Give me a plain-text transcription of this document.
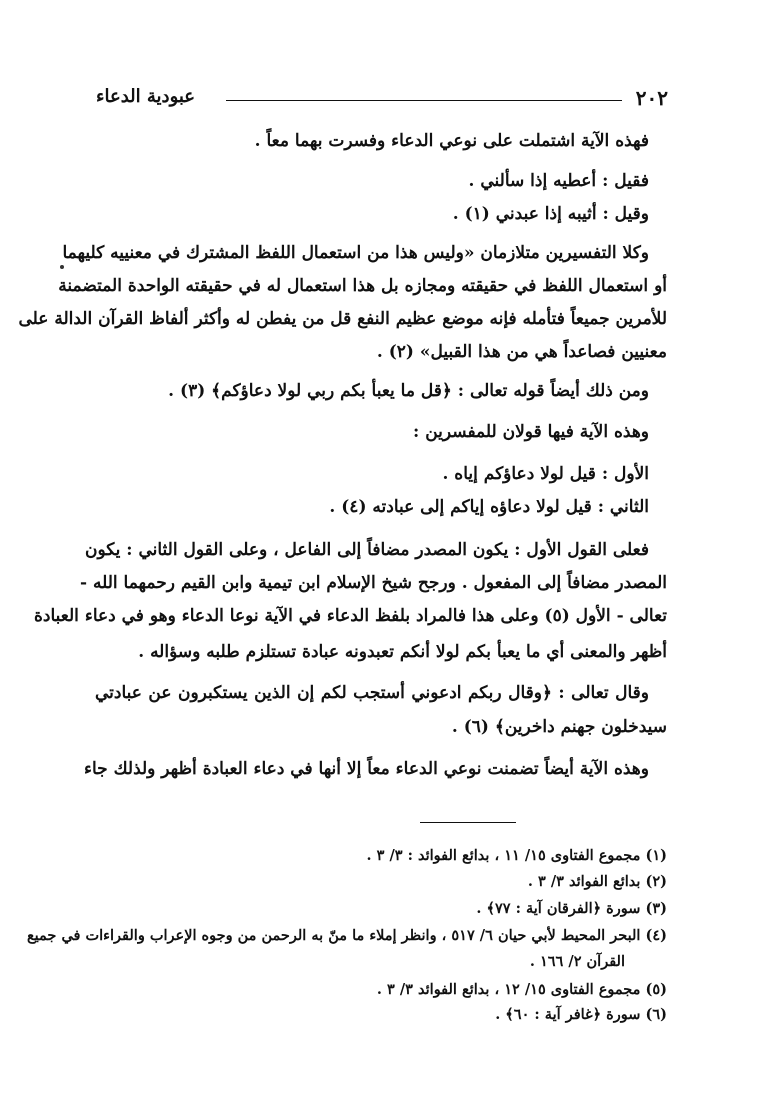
٢٠٢
عبودية الدعاء
فهذه الآية اشتملت على نوعي الدعاء وفسرت بهما معاً .
فقيل : أعطيه إذا سألني .
وقيل : أثيبه إذا عبدني (١) .
وكلا التفسيرين متلازمان «وليس هذا من استعمال اللفظ المشترك في معنييه كليهما
أو استعمال اللفظ في حقيقته ومجازه بل هذا استعمال له في حقيقته الواحدة المتضمنة
للأمرين جميعاً فتأمله فإنه موضع عظيم النفع قل من يفطن له وأكثر ألفاظ القرآن الدالة على
معنيين فصاعداً هي من هذا القبيل» (٢) .
ومن ذلك أيضاً قوله تعالى : ﴿قل ما يعبأ بكم ربي لولا دعاؤكم﴾ (٣) .
وهذه الآية فيها قولان للمفسرين :
الأول : قيل لولا دعاؤكم إياه .
الثاني : قيل لولا دعاؤه إياكم إلى عبادته (٤) .
فعلى القول الأول : يكون المصدر مضافاً إلى الفاعل ، وعلى القول الثاني : يكون
المصدر مضافاً إلى المفعول . ورجح شيخ الإسلام ابن تيمية وابن القيم رحمهما الله -
تعالى - الأول (٥) وعلى هذا فالمراد بلفظ الدعاء في الآية نوعا الدعاء وهو في دعاء العبادة
أظهر والمعنى أي ما يعبأ بكم لولا أنكم تعبدونه عبادة تستلزم طلبه وسؤاله .
وقال تعالى : ﴿وقال ربكم ادعوني أستجب لكم إن الذين يستكبرون عن عبادتي
سيدخلون جهنم داخرين﴾ (٦) .
وهذه الآية أيضاً تضمنت نوعي الدعاء معاً إلا أنها في دعاء العبادة أظهر ولذلك جاء
(١) مجموع الفتاوى ١٥/ ١١ ، بدائع الفوائد : ٣/ ٣ .
(٢) بدائع الفوائد ٣/ ٣ .
(٣) سورة ﴿الفرقان آية : ٧٧﴾ .
(٤) البحر المحيط لأبي حيان ٦/ ٥١٧ ، وانظر إملاء ما منّ به الرحمن من وجوه الإعراب والقراءات في جميع
القرآن ٢/ ١٦٦ .
(٥) مجموع الفتاوى ١٥/ ١٢ ، بدائع الفوائد ٣/ ٣ .
(٦) سورة ﴿غافر آية : ٦٠﴾ .
